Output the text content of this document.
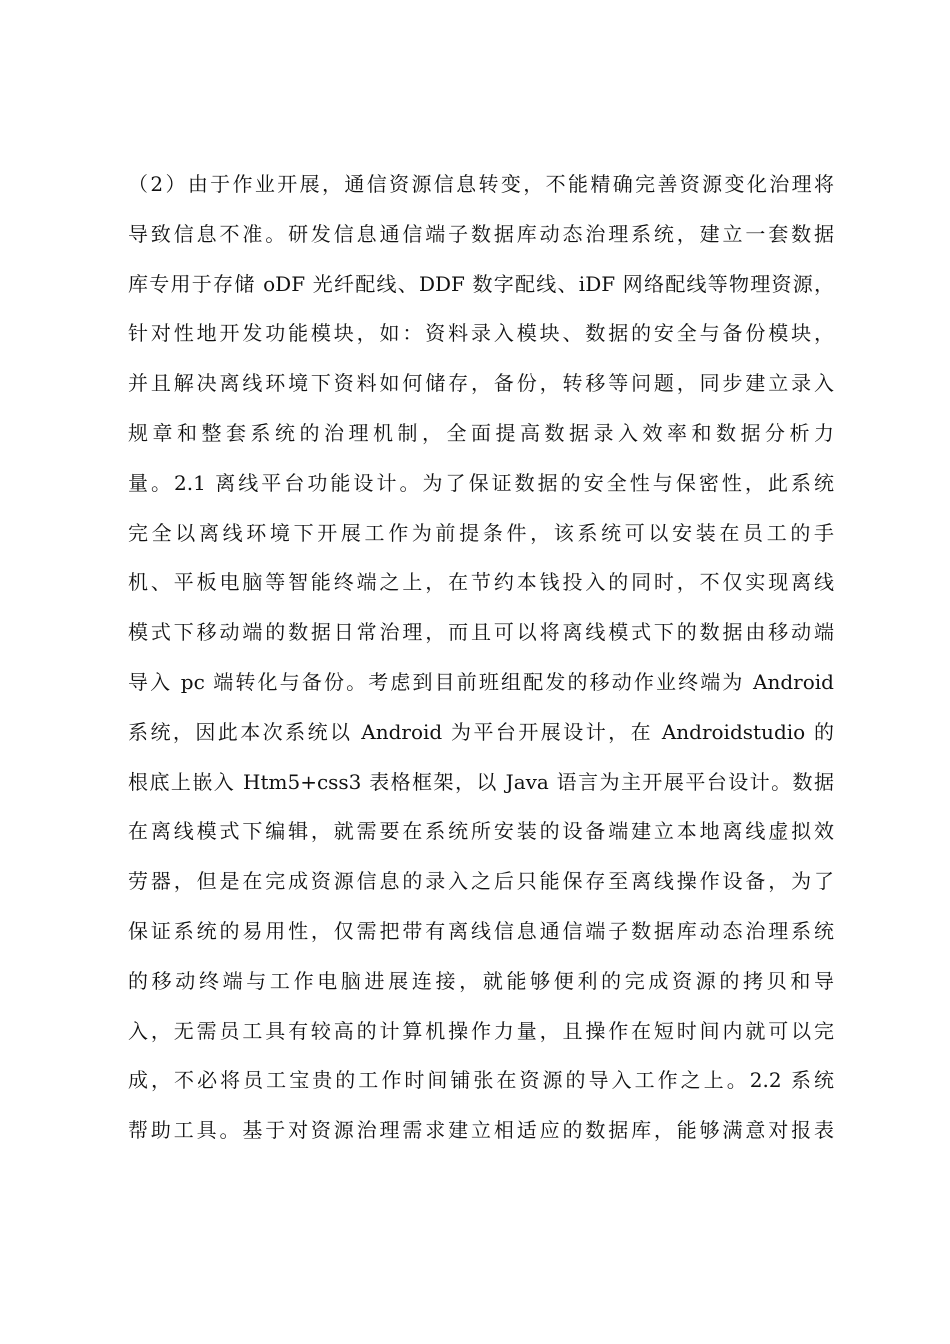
（2）由于作业开展，通信资源信息转变，不能精确完善资源变化治理将
导致信息不准。研发信息通信端子数据库动态治理系统，建立一套数据
库专用于存储 oDF 光纤配线、DDF 数字配线、iDF 网络配线等物理资源，
针对性地开发功能模块，如：资料录入模块、数据的安全与备份模块，
并且解决离线环境下资料如何储存，备份，转移等问题，同步建立录入
规章和整套系统的治理机制，全面提高数据录入效率和数据分析力
量。2.1 离线平台功能设计。为了保证数据的安全性与保密性，此系统
完全以离线环境下开展工作为前提条件，该系统可以安装在员工的手
机、平板电脑等智能终端之上，在节约本钱投入的同时，不仅实现离线
模式下移动端的数据日常治理，而且可以将离线模式下的数据由移动端
导入 pc 端转化与备份。考虑到目前班组配发的移动作业终端为 Android
系统，因此本次系统以 Android 为平台开展设计，在 Androidstudio 的
根底上嵌入 Htm5+css3 表格框架，以 Java 语言为主开展平台设计。数据
在离线模式下编辑，就需要在系统所安装的设备端建立本地离线虚拟效
劳器，但是在完成资源信息的录入之后只能保存至离线操作设备，为了
保证系统的易用性，仅需把带有离线信息通信端子数据库动态治理系统
的移动终端与工作电脑进展连接，就能够便利的完成资源的拷贝和导
入，无需员工具有较高的计算机操作力量，且操作在短时间内就可以完
成，不必将员工宝贵的工作时间铺张在资源的导入工作之上。2.2 系统
帮助工具。基于对资源治理需求建立相适应的数据库，能够满意对报表
